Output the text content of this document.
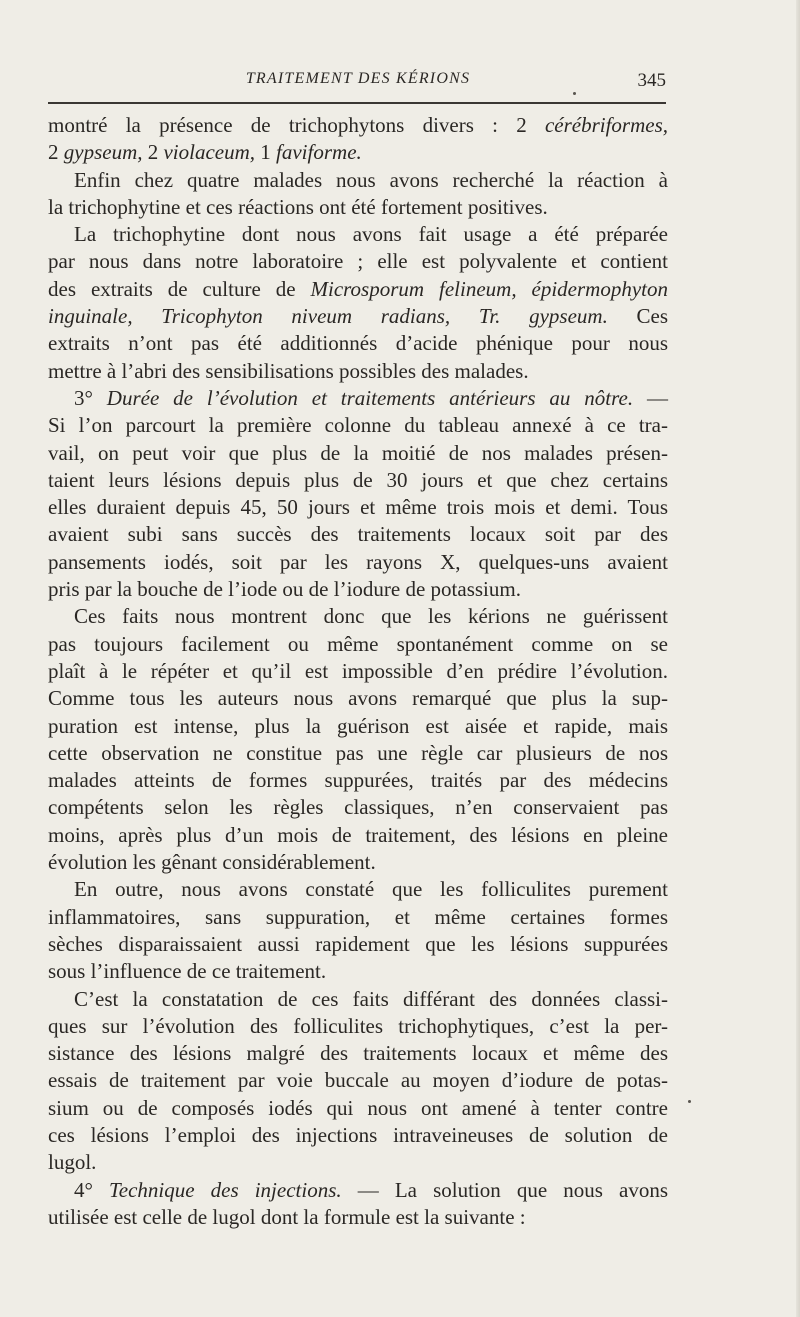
TRAITEMENT DES KÉRIONS	345
montré la présence de trichophytons divers : 2 cérébriformes,
2 gypseum, 2 violaceum, 1 faviforme.
Enfin chez quatre malades nous avons recherché la réaction à
la trichophytine et ces réactions ont été fortement positives.
La trichophytine dont nous avons fait usage a été préparée
par nous dans notre laboratoire ; elle est polyvalente et contient
des extraits de culture de Microsporum felineum, épidermophyton
inguinale, Tricophyton niveum radians, Tr. gypseum. Ces
extraits n’ont pas été additionnés d’acide phénique pour nous
mettre à l’abri des sensibilisations possibles des malades.
3° Durée de l’évolution et traitements antérieurs au nôtre. —
Si l’on parcourt la première colonne du tableau annexé à ce tra-
vail, on peut voir que plus de la moitié de nos malades présen-
taient leurs lésions depuis plus de 30 jours et que chez certains
elles duraient depuis 45, 50 jours et même trois mois et demi. Tous
avaient subi sans succès des traitements locaux soit par des
pansements iodés, soit par les rayons X, quelques-uns avaient
pris par la bouche de l’iode ou de l’iodure de potassium.
Ces faits nous montrent donc que les kérions ne guérissent
pas toujours facilement ou même spontanément comme on se
plaît à le répéter et qu’il est impossible d’en prédire l’évolution.
Comme tous les auteurs nous avons remarqué que plus la sup-
puration est intense, plus la guérison est aisée et rapide, mais
cette observation ne constitue pas une règle car plusieurs de nos
malades atteints de formes suppurées, traités par des médecins
compétents selon les règles classiques, n’en conservaient pas
moins, après plus d’un mois de traitement, des lésions en pleine
évolution les gênant considérablement.
En outre, nous avons constaté que les folliculites purement
inflammatoires, sans suppuration, et même certaines formes
sèches disparaissaient aussi rapidement que les lésions suppurées
sous l’influence de ce traitement.
C’est la constatation de ces faits différant des données classi-
ques sur l’évolution des folliculites trichophytiques, c’est la per-
sistance des lésions malgré des traitements locaux et même des
essais de traitement par voie buccale au moyen d’iodure de potas-
sium ou de composés iodés qui nous ont amené à tenter contre
ces lésions l’emploi des injections intraveineuses de solution de
lugol.
4° Technique des injections. — La solution que nous avons
utilisée est celle de lugol dont la formule est la suivante :
